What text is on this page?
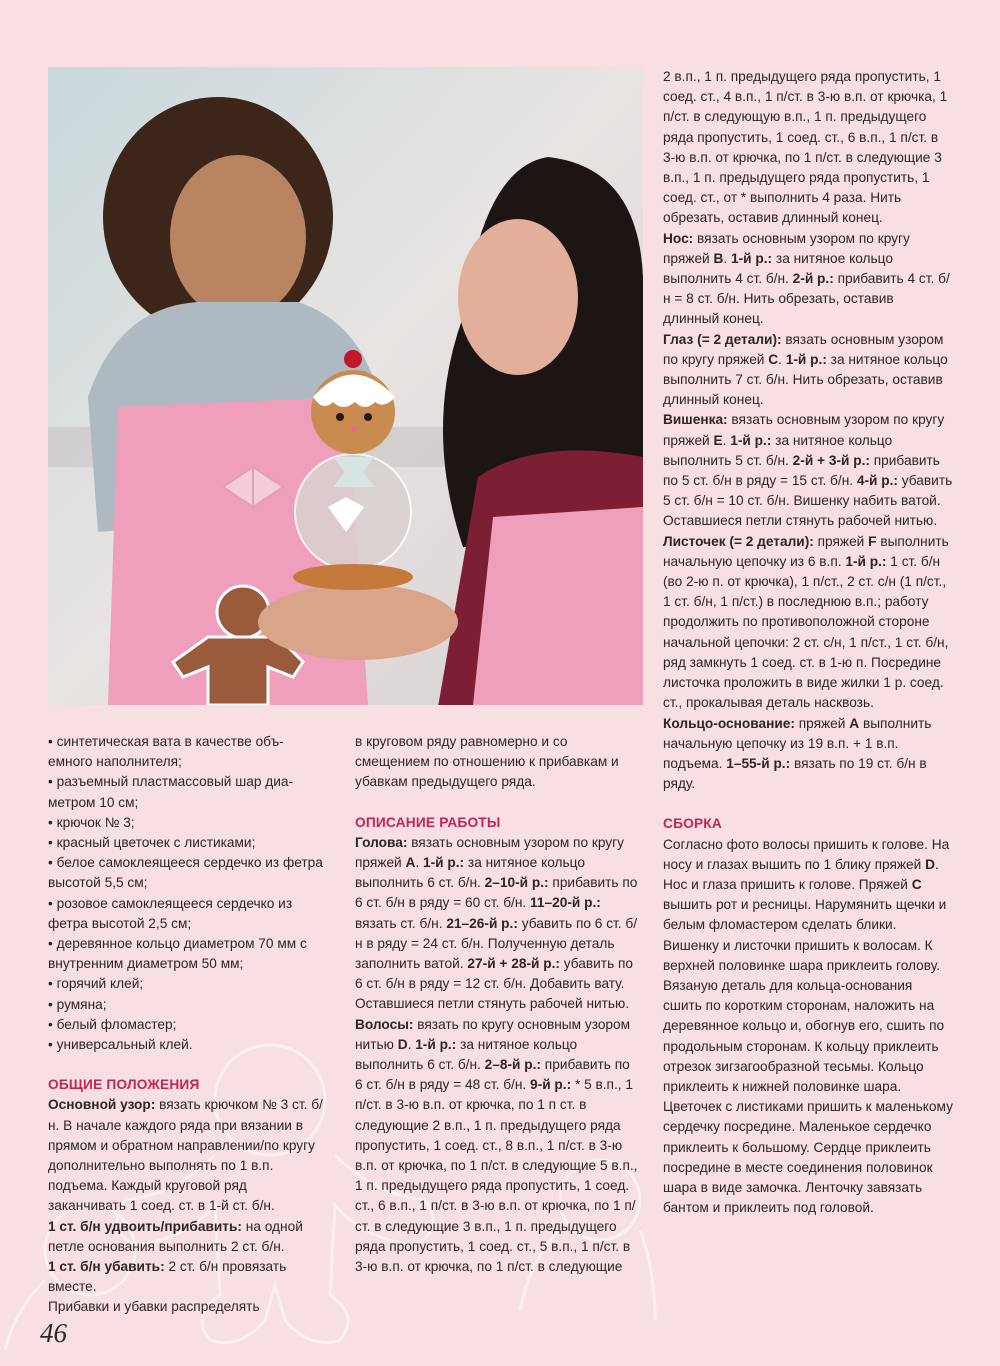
• синтетическая вата в качестве объ-емного наполнителя;
• разъемный пластмассовый шар диа-метром 10 см;
• крючок № 3;
• красный цветочек с листиками;
• белое самоклеящееся сердечко из фетра высотой 5,5 см;
• розовое самоклеящееся сердечко из фетра высотой 2,5 см;
• деревянное кольцо диаметром 70 мм с внутренним диаметром 50 мм;
• горячий клей;
• румяна;
• белый фломастер;
• универсальный клей.

ОБЩИЕ ПОЛОЖЕНИЯ

Основной узор: вязать крючком № 3 ст. б/н. В начале каждого ряда при вязании в прямом и обратном направлении/по кругу дополнительно выполнять по 1 в.п. подъема. Каждый круговой ряд заканчивать 1 соед. ст. в 1-й ст. б/н.

1 ст. б/н удвоить/прибавить: на одной петле основания выполнить 2 ст. б/н.

1 ст. б/н убавить: 2 ст. б/н провязать вместе.

Прибавки и убавки распределять

в круговом ряду равномерно и со смещением по отношению к прибавкам и убавкам предыдущего ряда.

ОПИСАНИЕ РАБОТЫ

Голова: вязать основным узором по кругу пряжей А. 1-й р.: за нитяное кольцо выполнить 6 ст. б/н. 2–10-й р.: прибавить по 6 ст. б/н в ряду = 60 ст. б/н. 11–20-й р.: вязать ст. б/н. 21–26-й р.: убавить по 6 ст. б/н в ряду = 24 ст. б/н. Полученную деталь заполнить ватой. 27-й + 28-й р.: убавить по 6 ст. б/н в ряду = 12 ст. б/н. Добавить вату. Оставшиеся петли стянуть рабочей нитью.

Волосы: вязать по кругу основным узором нитью D. 1-й р.: за нитяное кольцо выполнить 6 ст. б/н. 2–8-й р.: прибавить по 6 ст. б/н в ряду = 48 ст. б/н. 9-й р.: * 5 в.п., 1 п/ст. в 3-ю в.п. от крючка, по 1 п ст. в следующие 2 в.п., 1 п. предыдущего ряда пропустить, 1 соед. ст., 8 в.п., 1 п/ст. в 3-ю в.п. от крючка, по 1 п/ст. в следующие 5 в.п., 1 п. предыдущего ряда пропустить, 1 соед. ст., 6 в.п., 1 п/ст. в 3-ю в.п. от крючка, по 1 п/ст. в следующие 3 в.п., 1 п. предыдущего ряда пропустить, 1 соед. ст., 5 в.п., 1 п/ст. в 3-ю в.п. от крючка, по 1 п/ст. в следующие

2 в.п., 1 п. предыдущего ряда пропустить, 1 соед. ст., 4 в.п., 1 п/ст. в 3-ю в.п. от крючка, 1 п/ст. в следующую в.п., 1 п. предыдущего ряда пропустить, 1 соед. ст., 6 в.п., 1 п/ст. в 3-ю в.п. от крючка, по 1 п/ст. в следующие 3 в.п., 1 п. предыдущего ряда пропустить, 1 соед. ст., от * выполнить 4 раза. Нить обрезать, оставив длинный конец.

Нос: вязать основным узором по кругу пряжей В. 1-й р.: за нитяное кольцо выполнить 4 ст. б/н. 2-й р.: прибавить 4 ст. б/н = 8 ст. б/н. Нить обрезать, оставив длинный конец.

Глаз (= 2 детали): вязать основным узором по кругу пряжей С. 1-й р.: за нитяное кольцо выполнить 7 ст. б/н. Нить обрезать, оставив длинный конец.

Вишенка: вязать основным узором по кругу пряжей Е. 1-й р.: за нитяное кольцо выполнить 5 ст. б/н. 2-й + 3-й р.: прибавить по 5 ст. б/н в ряду = 15 ст. б/н. 4-й р.: убавить 5 ст. б/н = 10 ст. б/н. Вишенку набить ватой. Оставшиеся петли стянуть рабочей нитью.

Листочек (= 2 детали): пряжей F выполнить начальную цепочку из 6 в.п. 1-й р.: 1 ст. б/н (во 2-ю п. от крючка), 1 п/ст., 2 ст. с/н (1 п/ст., 1 ст. б/н, 1 п/ст.) в последнюю в.п.; работу продолжить по противоположной стороне начальной цепочки: 2 ст. с/н, 1 п/ст., 1 ст. б/н, ряд замкнуть 1 соед. ст. в 1-ю п. Посредине листочка проложить в виде жилки 1 р. соед. ст., прокалывая деталь насквозь.

Кольцо-основание: пряжей А выполнить начальную цепочку из 19 в.п. + 1 в.п. подъема. 1–55-й р.: вязать по 19 ст. б/н в ряду.

СБОРКА

Согласно фото волосы пришить к голове. На носу и глазах вышить по 1 блику пряжей D. Нос и глаза пришить к голове. Пряжей С вышить рот и ресницы. Нарумянить щечки и белым фломастером сделать блики. Вишенку и листочки пришить к волосам. К верхней половинке шара приклеить голову. Вязаную деталь для кольца-основания сшить по коротким сторонам, наложить на деревянное кольцо и, обогнув его, сшить по продольным сторонам. К кольцу приклеить отрезок зигзагообразной тесьмы. Кольцо приклеить к нижней половинке шара. Цветочек с листиками пришить к маленькому сердечку посредине. Маленькое сердечко приклеить к большому. Сердце приклеить посредине в месте соединения половинок шара в виде замочка. Ленточку завязать бантом и приклеить под головой.

46
